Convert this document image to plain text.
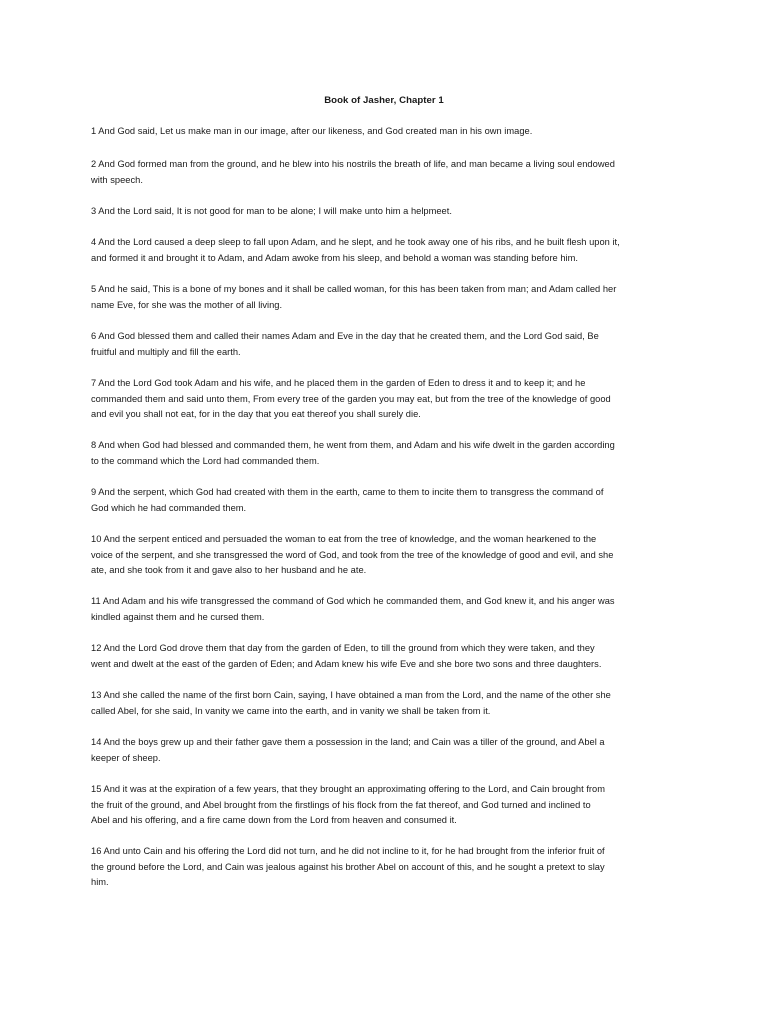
Book of Jasher, Chapter 1

1 And God said, Let us make man in our image, after our likeness, and God created man in his own image.

2 And God formed man from the ground, and he blew into his nostrils the breath of life, and man became a living soul endowed
with speech.

3 And the Lord said, It is not good for man to be alone; I will make unto him a helpmeet.

4 And the Lord caused a deep sleep to fall upon Adam, and he slept, and he took away one of his ribs, and he built flesh upon it,
and formed it and brought it to Adam, and Adam awoke from his sleep, and behold a woman was standing before him.

5 And he said, This is a bone of my bones and it shall be called woman, for this has been taken from man; and Adam called her
name Eve, for she was the mother of all living.

6 And God blessed them and called their names Adam and Eve in the day that he created them, and the Lord God said, Be
fruitful and multiply and fill the earth.

7 And the Lord God took Adam and his wife, and he placed them in the garden of Eden to dress it and to keep it; and he
commanded them and said unto them, From every tree of the garden you may eat, but from the tree of the knowledge of good
and evil you shall not eat, for in the day that you eat thereof you shall surely die.

8 And when God had blessed and commanded them, he went from them, and Adam and his wife dwelt in the garden according
to the command which the Lord had commanded them.

9 And the serpent, which God had created with them in the earth, came to them to incite them to transgress the command of
God which he had commanded them.

10 And the serpent enticed and persuaded the woman to eat from the tree of knowledge, and the woman hearkened to the
voice of the serpent, and she transgressed the word of God, and took from the tree of the knowledge of good and evil, and she
ate, and she took from it and gave also to her husband and he ate.

11 And Adam and his wife transgressed the command of God which he commanded them, and God knew it, and his anger was
kindled against them and he cursed them.

12 And the Lord God drove them that day from the garden of Eden, to till the ground from which they were taken, and they
went and dwelt at the east of the garden of Eden; and Adam knew his wife Eve and she bore two sons and three daughters.

13 And she called the name of the first born Cain, saying, I have obtained a man from the Lord, and the name of the other she
called Abel, for she said, In vanity we came into the earth, and in vanity we shall be taken from it.

14 And the boys grew up and their father gave them a possession in the land; and Cain was a tiller of the ground, and Abel a
keeper of sheep.

15 And it was at the expiration of a few years, that they brought an approximating offering to the Lord, and Cain brought from
the fruit of the ground, and Abel brought from the firstlings of his flock from the fat thereof, and God turned and inclined to
Abel and his offering, and a fire came down from the Lord from heaven and consumed it.

16 And unto Cain and his offering the Lord did not turn, and he did not incline to it, for he had brought from the inferior fruit of
the ground before the Lord, and Cain was jealous against his brother Abel on account of this, and he sought a pretext to slay
him.
